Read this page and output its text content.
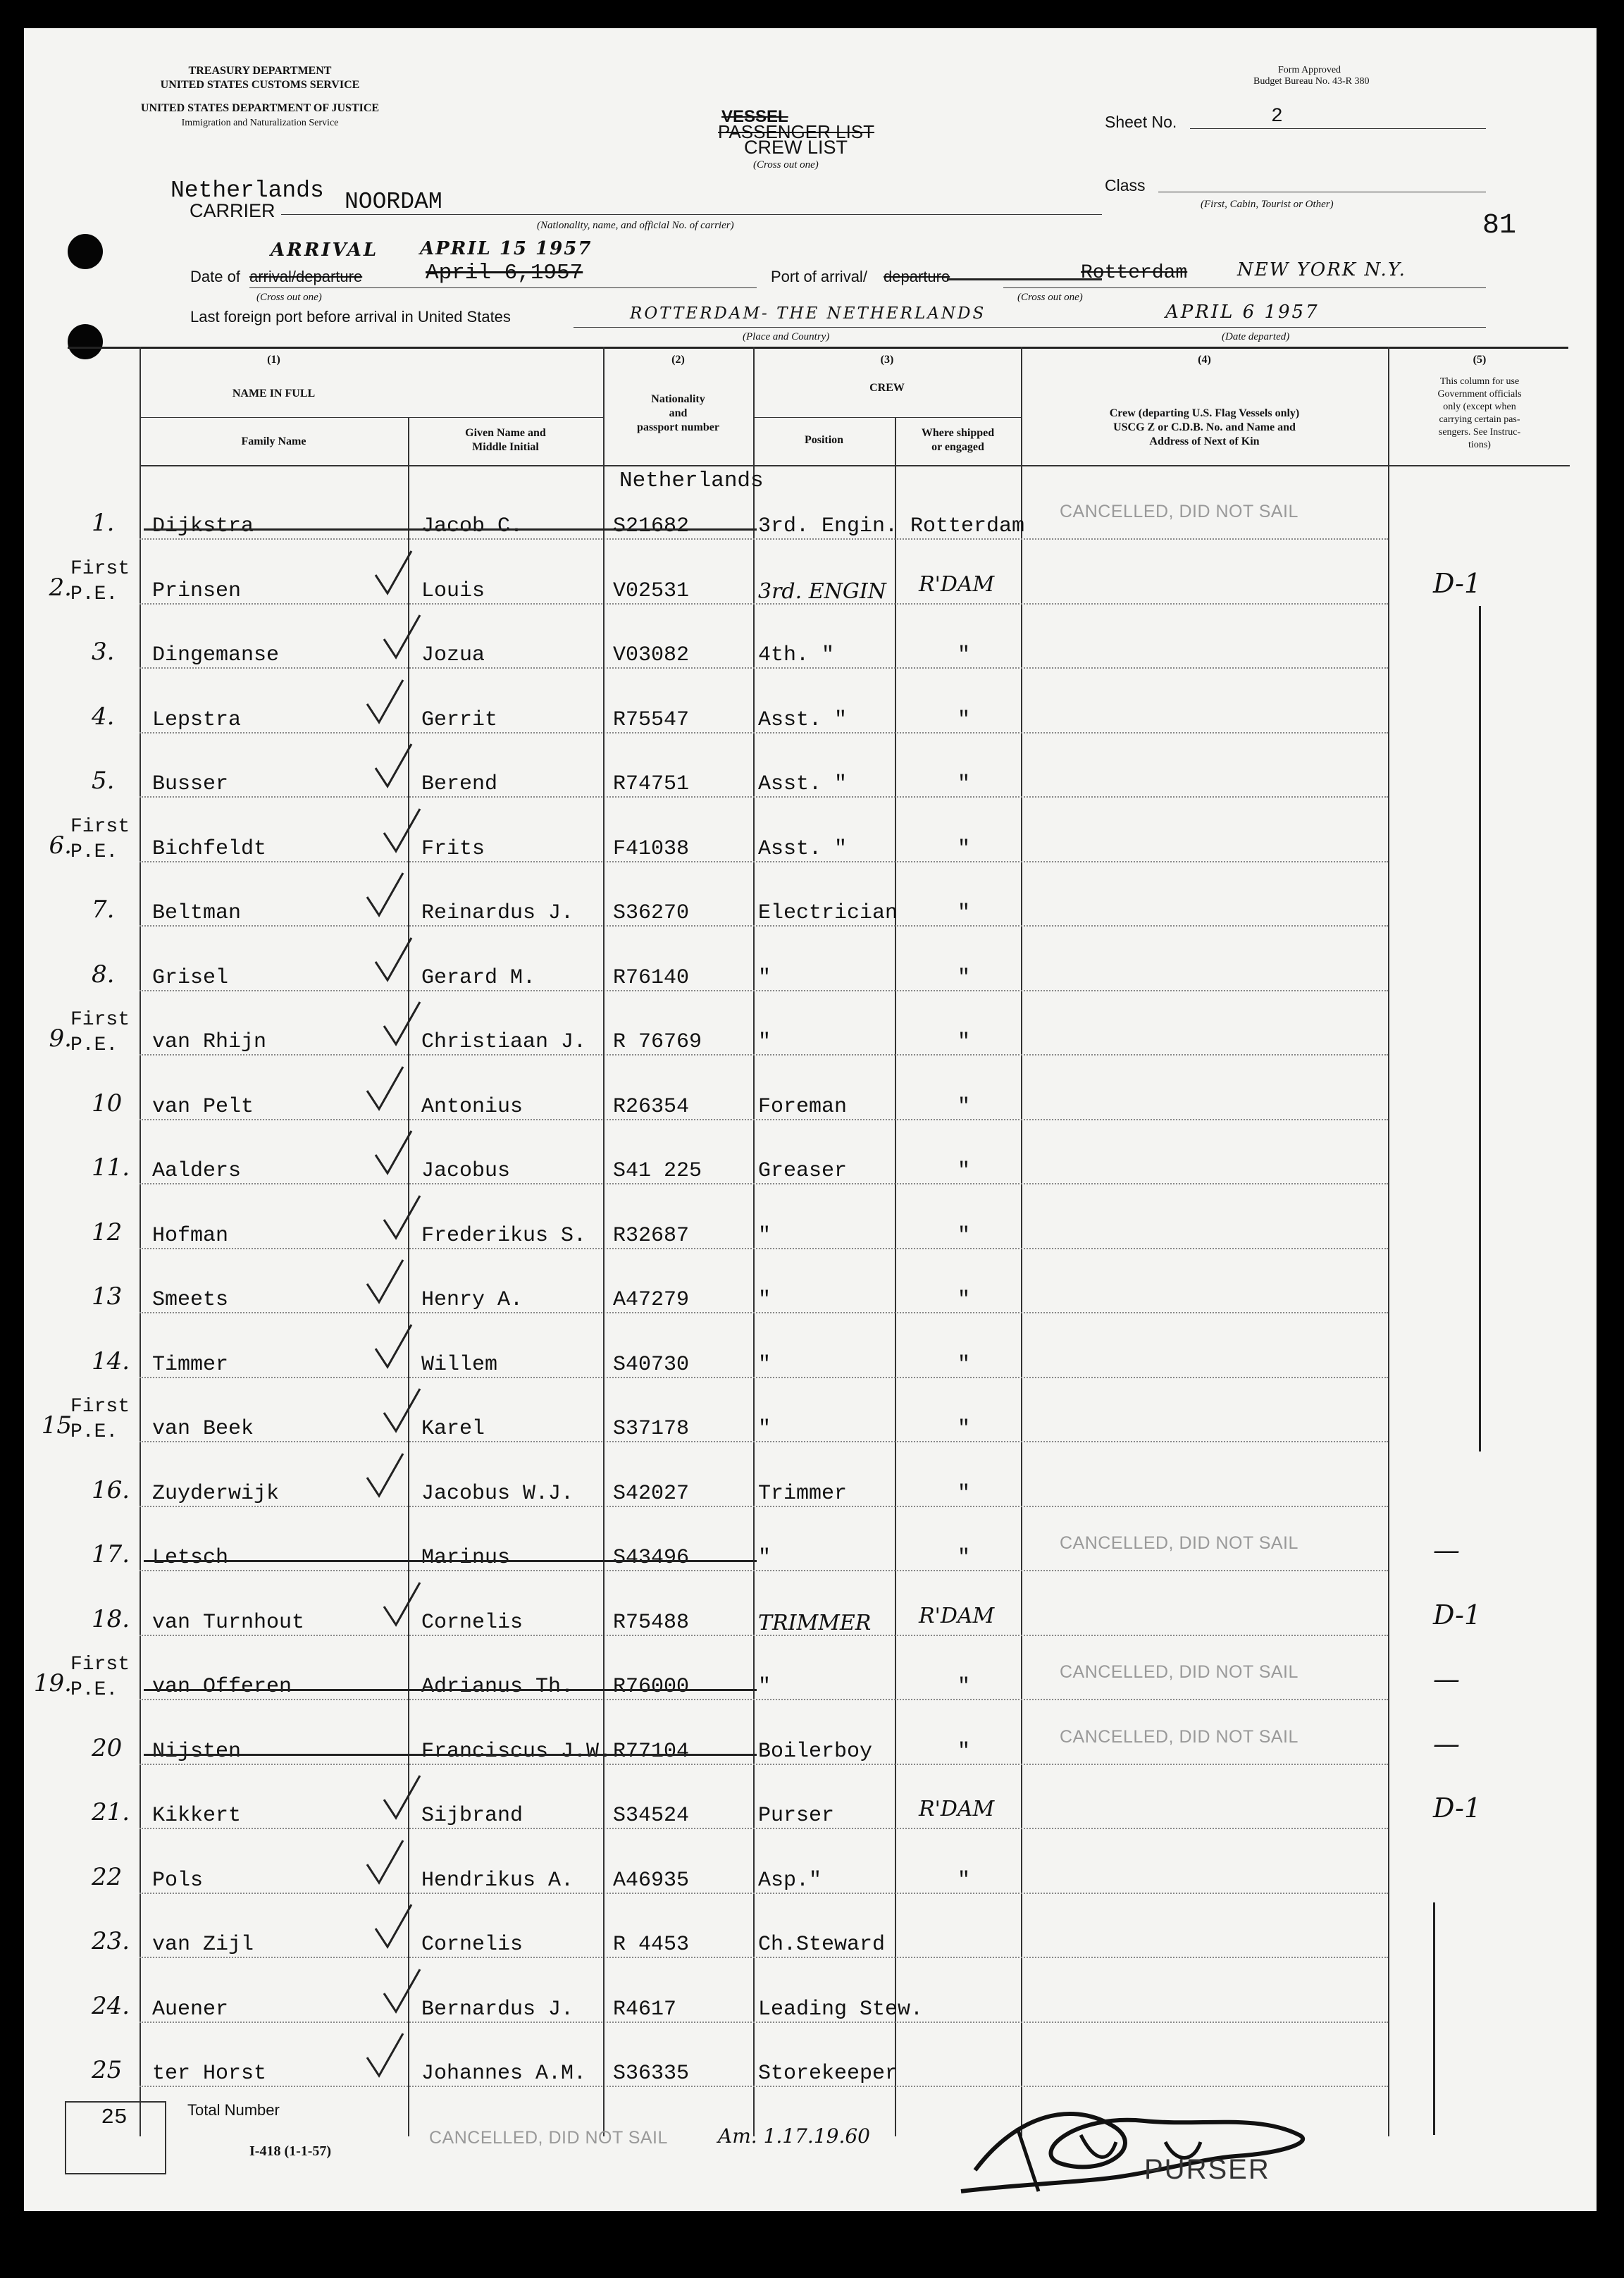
TREASURY DEPARTMENT
UNITED STATES CUSTOMS SERVICE
UNITED STATES DEPARTMENT OF JUSTICE
Immigration and Naturalization Service
Form Approved
Budget Bureau No. 43-R 380
VESSEL
PASSENGER LIST
CREW LIST
(Cross out one)
Sheet No.	2
Class
(First, Cabin, Tourist or Other)
81
Netherlands
CARRIER	NOORDAM
(Nationality, name, and official No. of carrier)
ARRIVAL APRIL 15 1957
Date of arrival/departure	April 6,1957
(Cross out one)
Port of arrival/ departure	Rotterdam	NEW YORK N.Y.
(Cross out one)
Last foreign port before arrival in United States	ROTTERDAM- THE NETHERLANDS	APRIL 6 1957
(Place and Country)	(Date departed)
(1)
NAME IN FULL
Family Name
Given Name and
Middle Initial
(2)
Nationality
and
passport number
(3)
CREW
Position
Where shipped
or engaged
(4)
Crew (departing U.S. Flag Vessels only)
USCG Z or C.D.B. No. and Name and
Address of Next of Kin
(5)
This column for use
Government officials
only (except when
carrying certain pas-
sengers. See Instruc-
tions)
Netherlands
1. Dijkstra	Jacob C.	S21682	3rd. Engin. Rotterdam
CANCELLED, DID NOT SAIL
2.
First P.E.	Prinsen	Louis	V02531	3rd. ENGIN R'DAM	D-1
3. Dingemanse	Jozua	V03082	4th. "	"
4. Lepstra	Gerrit	R75547	Asst. "	"
5. Busser	Berend	R74751	Asst. "	"
6.
First P.E.	Bichfeldt	Frits	F41038	Asst. "	"
7. Beltman	Reinardus J. S36270	Electrician	"
8. Grisel	Gerard M.	R76140	"	"
9.
First P.E.	van Rhijn	Christiaan J. R 76769	"	"
10 van Pelt	Antonius	R26354	Foreman	"
11. Aalders	Jacobus	S41 225	Greaser	"
12 Hofman	Frederikus S. R32687	"	"
13 Smeets	Henry A.	A47279	"	"
14. Timmer	Willem	S40730	"	"
15
First P.E.	van Beek	Karel	S37178	"	"
16. Zuyderwijk	Jacobus W.J. S42027	Trimmer	"
17. Letsch	Marinus	S43496	"	"
CANCELLED, DID NOT SAIL	—
18. van Turnhout	Cornelis	R75488	TRIMMER R'DAM	D-1
19.
First P.E.	van Offeren	Adrianus Th. R76000	"	"
CANCELLED, DID NOT SAIL	—
20 Nijsten	Franciscus J.W. R77104	Boilerboy	"
CANCELLED, DID NOT SAIL	—
21. Kikkert	Sijbrand	S34524	Purser	R'DAM	D-1
22 Pols	Hendrikus A. A46935	Asp."	"
23. van Zijl	Cornelis	R 4453	Ch.Steward
24. Auener	Bernardus J. R4617	Leading Stew.
25 ter Horst	Johannes A.M. S36335	Storekeeper
25	Total Number
I-418 (1-1-57)
CANCELLED, DID NOT SAIL	Am. 1.17.19.60
PURSER
